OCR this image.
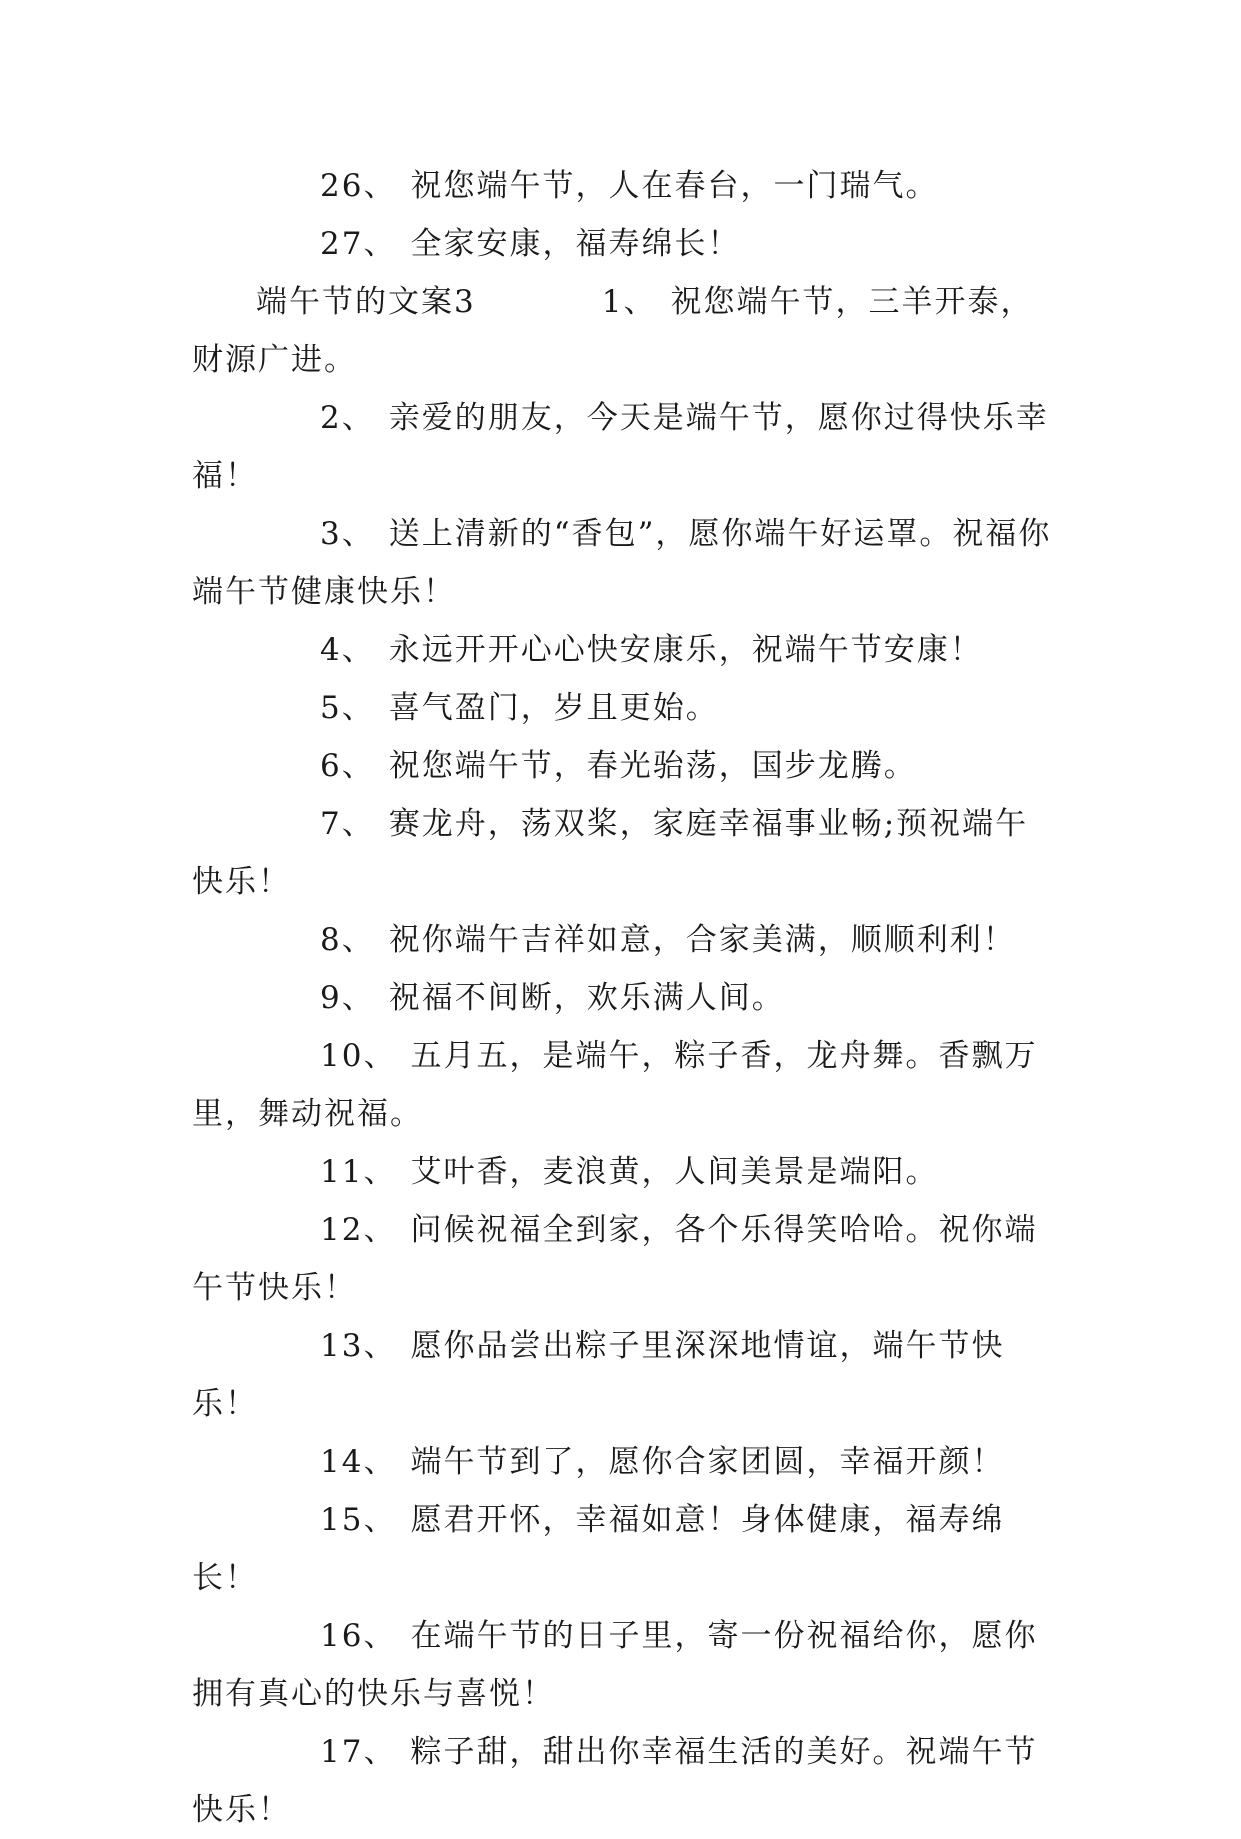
26、 祝您端午节，人在春台，一门瑞气。

27、 全家安康，福寿绵长！

端午节的文案3	1、 祝您端午节，三羊开泰，财源广进。

2、 亲爱的朋友，今天是端午节，愿你过得快乐幸福！

3、 送上清新的“香包”，愿你端午好运罩。祝福你端午节健康快乐！

4、 永远开开心心快安康乐，祝端午节安康！

5、 喜气盈门，岁且更始。

6、 祝您端午节，春光骀荡，国步龙腾。

7、 赛龙舟，荡双桨，家庭幸福事业畅;预祝端午快乐！

8、 祝你端午吉祥如意，合家美满，顺顺利利！

9、 祝福不间断，欢乐满人间。

10、 五月五，是端午，粽子香，龙舟舞。香飘万里，舞动祝福。

11、 艾叶香，麦浪黄，人间美景是端阳。

12、 问候祝福全到家，各个乐得笑哈哈。祝你端午节快乐！

13、 愿你品尝出粽子里深深地情谊，端午节快乐！

14、 端午节到了，愿你合家团圆，幸福开颜！

15、 愿君开怀，幸福如意！身体健康，福寿绵长！

16、 在端午节的日子里，寄一份祝福给你，愿你拥有真心的快乐与喜悦！

17、 粽子甜，甜出你幸福生活的美好。祝端午节快乐！
